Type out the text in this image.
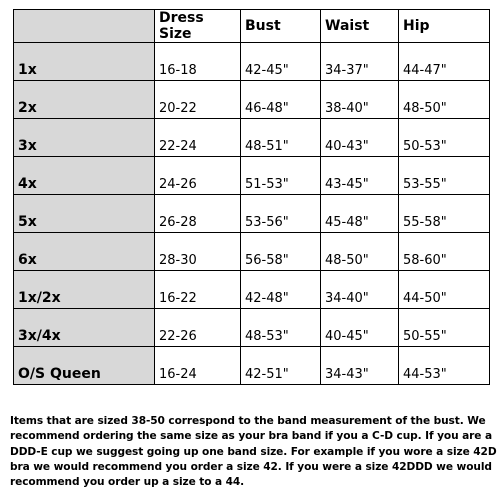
	Dress Size	Bust	Waist	Hip
1x	16-18	42-45"	34-37"	44-47"
2x	20-22	46-48"	38-40"	48-50"
3x	22-24	48-51"	40-43"	50-53"
4x	24-26	51-53"	43-45"	53-55"
5x	26-28	53-56"	45-48"	55-58"
6x	28-30	56-58"	48-50"	58-60"
1x/2x	16-22	42-48"	34-40"	44-50"
3x/4x	22-26	48-53"	40-45"	50-55"
O/S Queen	16-24	42-51"	34-43"	44-53"

Items that are sized 38-50 correspond to the band measurement of the bust. We

recommend ordering the same size as your bra band if you a C-D cup. If you are a

DDD-E cup we suggest going up one band size. For example if you wore a size 42D

bra we would recommend you order a size 42. If you were a size 42DDD we would

recommend you order up a size to a 44.
